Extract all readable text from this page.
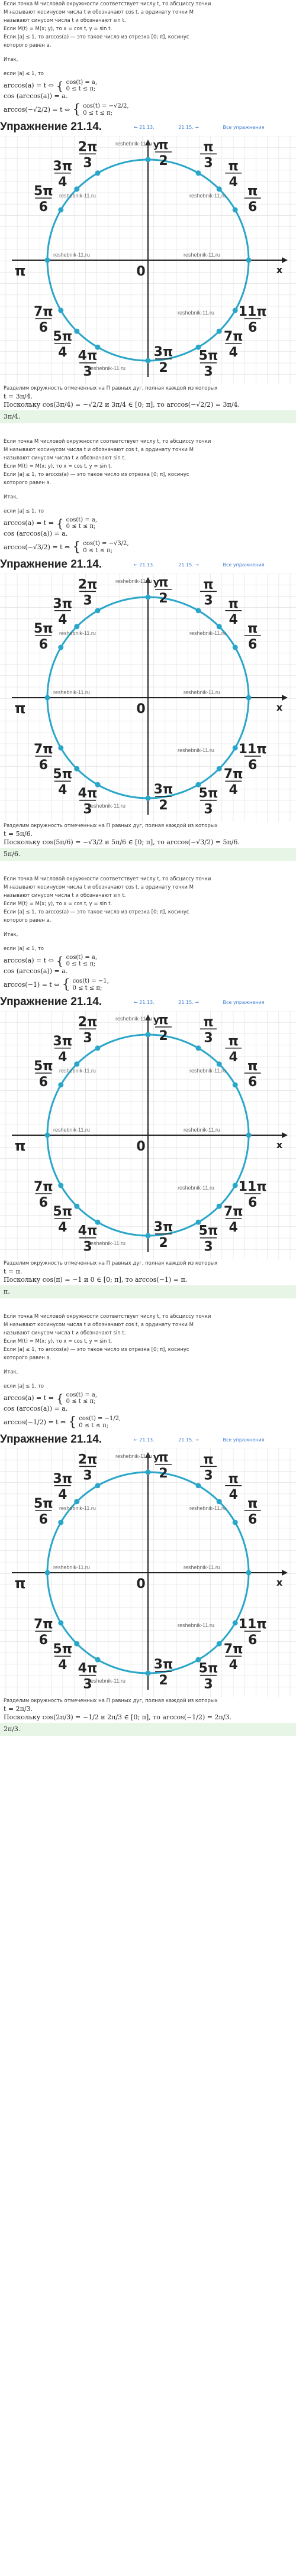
Если точка M числовой окружности соответствует числу t, то абсциссу точки

M называют косинусом числа t и обозначают cos t, а ординату точки M

называют синусом числа t и обозначают sin t.

Если M(t) = M(x; y), то x = cos t, y = sin t.

Если |a| ≤ 1, то arccos(a) — это такое число из отрезка [0; π], косинус

которого равен a.

Итак,

если |a| ≤ 1, то

arccos(a) = t ⇔ { cos(t) = a,
0 ≤ t ≤ π;

cos (arccos(a)) = a.

arccos(−√2/2) = t ⇔ { cos(t) = −√2/2,
0 ≤ t ≤ π;
Упражнение 21.14.	← 21.13.	21.15. →	Все упражнения
π
6
π
4
π
3
2π
3
3π
4
5π
6
7π
6
5π
4 4π
3
5π
3
7π
4
11π
6
π
2
3π
2
π	0	x
y
reshebnik-11.ru
reshebnik-11.ru	reshebnik-11.ru
reshebnik-11.ru	reshebnik-11.ru
reshebnik-11.ru
reshebnik-11.ru

Разделим окружность отмеченных на П равных дуг, полная каждой из которых

t = 3π/4.

Поскольку cos(3π/4) = −√2/2 и 3π/4 ∈ [0; π], то arccos(−√2/2) = 3π/4.

3π/4.

Если точка M числовой окружности соответствует числу t, то абсциссу точки

M называют косинусом числа t и обозначают cos t, а ординату точки M

называют синусом числа t и обозначают sin t.

Если M(t) = M(x; y), то x = cos t, y = sin t.

Если |a| ≤ 1, то arccos(a) — это такое число из отрезка [0; π], косинус

которого равен a.

Итак,

если |a| ≤ 1, то

arccos(a) = t ⇔ { cos(t) = a,
0 ≤ t ≤ π;

cos (arccos(a)) = a.

arccos(−√3/2) = t ⇔ { cos(t) = −√3/2,
0 ≤ t ≤ π;
Упражнение 21.14.	← 21.13.	21.15. →	Все упражнения
π
6
π
4
π
3
2π
3
3π
4
5π
6
7π
6
5π
4 4π
3
5π
3
7π
4
11π
6
π
2
3π
2
π	0	x
y
reshebnik-11.ru
reshebnik-11.ru	reshebnik-11.ru
reshebnik-11.ru	reshebnik-11.ru
reshebnik-11.ru
reshebnik-11.ru

Разделим окружность отмеченных на П равных дуг, полная каждой из которых

t = 5π/6.

Поскольку cos(5π/6) = −√3/2 и 5π/6 ∈ [0; π], то arccos(−√3/2) = 5π/6.

5π/6.

Если точка M числовой окружности соответствует числу t, то абсциссу точки

M называют косинусом числа t и обозначают cos t, а ординату точки M

называют синусом числа t и обозначают sin t.

Если M(t) = M(x; y), то x = cos t, y = sin t.

Если |a| ≤ 1, то arccos(a) — это такое число из отрезка [0; π], косинус

которого равен a.

Итак,

если |a| ≤ 1, то

arccos(a) = t ⇔ { cos(t) = a,
0 ≤ t ≤ π;

cos (arccos(a)) = a.

arccos(−1) = t ⇔ { cos(t) = −1,
0 ≤ t ≤ π;
Упражнение 21.14.	← 21.13.	21.15. →	Все упражнения
π
6
π
4
π
3
2π
3
3π
4
5π
6
7π
6
5π
4 4π
3
5π
3
7π
4
11π
6
π
2
3π
2
π	0	x
y
reshebnik-11.ru
reshebnik-11.ru	reshebnik-11.ru
reshebnik-11.ru	reshebnik-11.ru
reshebnik-11.ru
reshebnik-11.ru

Разделим окружность отмеченных на П равных дуг, полная каждой из которых

t = π.

Поскольку cos(π) = −1 и 0 ∈ [0; π], то arccos(−1) = π.

π.

Если точка M числовой окружности соответствует числу t, то абсциссу точки

M называют косинусом числа t и обозначают cos t, а ординату точки M

называют синусом числа t и обозначают sin t.

Если M(t) = M(x; y), то x = cos t, y = sin t.

Если |a| ≤ 1, то arccos(a) — это такое число из отрезка [0; π], косинус

которого равен a.

Итак,

если |a| ≤ 1, то

arccos(a) = t ⇔ { cos(t) = a,
0 ≤ t ≤ π;

cos (arccos(a)) = a.

arccos(−1/2) = t ⇔ { cos(t) = −1/2,
0 ≤ t ≤ π;
Упражнение 21.14.	← 21.13.	21.15. →	Все упражнения
π
6
π
4
π
3
2π
3
3π
4
5π
6
7π
6
5π
4 4π
3
5π
3
7π
4
11π
6
π
2
3π
2
π	0	x
y
reshebnik-11.ru
reshebnik-11.ru	reshebnik-11.ru
reshebnik-11.ru	reshebnik-11.ru
reshebnik-11.ru
reshebnik-11.ru

Разделим окружность отмеченных на П равных дуг, полная каждой из которых

t = 2π/3.

Поскольку cos(2π/3) = −1/2 и 2π/3 ∈ [0; π], то arccos(−1/2) = 2π/3.

2π/3.
